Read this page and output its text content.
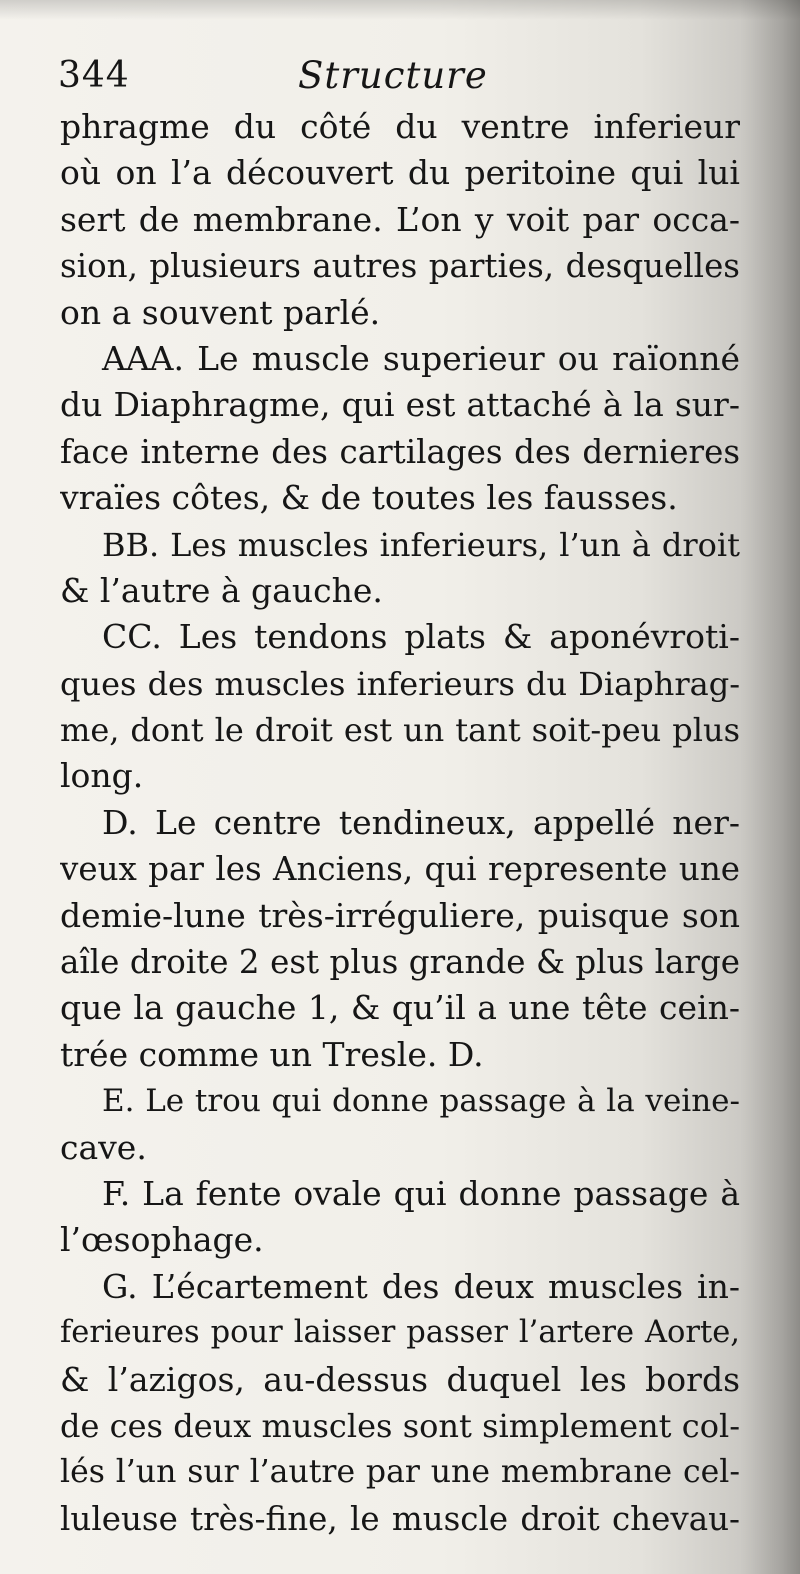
344	Structure
phragme du côté du ventre inferieur
où on l’a découvert du peritoine qui lui
sert de membrane. L’on y voit par occa-
sion, plusieurs autres parties, desquelles
on a souvent parlé.
AAA. Le muscle superieur ou raïonné
du Diaphragme, qui est attaché à la sur-
face interne des cartilages des dernieres
vraïes côtes, & de toutes les fausses.
BB. Les muscles inferieurs, l’un à droit
& l’autre à gauche.
CC. Les tendons plats & aponévroti-
ques des muscles inferieurs du Diaphrag-
me, dont le droit est un tant soit-peu plus
long.
D. Le centre tendineux, appellé ner-
veux par les Anciens, qui represente une
demie-lune très-irréguliere, puisque son
aîle droite 2 est plus grande & plus large
que la gauche 1, & qu’il a une tête cein-
trée comme un Tresle. D.
E. Le trou qui donne passage à la veine-
cave.
F. La fente ovale qui donne passage à
l’œsophage.
G. L’écartement des deux muscles in-
ferieures pour laisser passer l’artere Aorte,
& l’azigos, au-dessus duquel les bords
de ces deux muscles sont simplement col-
lés l’un sur l’autre par une membrane cel-
luleuse très-fine, le muscle droit chevau-
